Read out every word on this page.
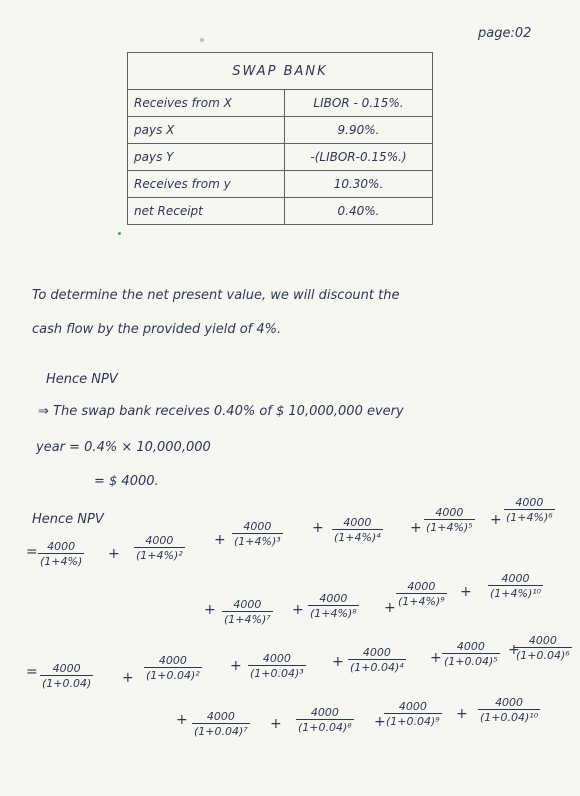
page:02
SWAP BANK	
Receives from X	LIBOR - 0.15%.
pays X	9.90%.
pays Y	-(LIBOR-0.15%.)
Receives from y	10.30%.
net Receipt	0.40%.
To determine the net present value, we will discount the
cash flow by the provided yield of 4%.
Hence NPV
⇒ The swap bank receives 0.40% of $ 10,000,000 every
year = 0.4% × 10,000,000
= $ 4000.
Hence NPV
= $\frac{4000}{(1+4\%)} + \frac{4000}{\text{(1+4\%)²}} + \frac{4000}{\text{(1+4\%)³}} + \frac{4000}{\text{(1+4\%)⁴}} + \frac{4000}{\text{(1+4\%)⁵}} + \frac{4000}{\text{(1+4\%)⁶}}$
+ $\frac{4000}{\text{(1+4\%)⁷}} + \frac{4000}{\text{(1+4\%)⁸}} + \frac{4000}{\text{(1+4\%)⁹}} + \frac{4000}{\text{(1+4\%)¹⁰}}$
= $\frac{4000}{(1+0.04)} + \frac{4000}{\text{(1+0.04)²}} + \frac{4000}{\text{(1+0.04)³}} + \frac{4000}{\text{(1+0.04)⁴}} + \frac{4000}{\text{(1+0.04)⁵}}$ +
$\frac{4000}{\text{(1+0.04)⁶}}$
+ $\frac{4000}{\text{(1+0.04)⁷}} + \frac{4000}{\text{(1+0.04)⁸}}$ +
$\frac{4000}{\text{(1+0.04)⁹}} + \frac{4000}{\text{(1+0.04)¹⁰}}$
